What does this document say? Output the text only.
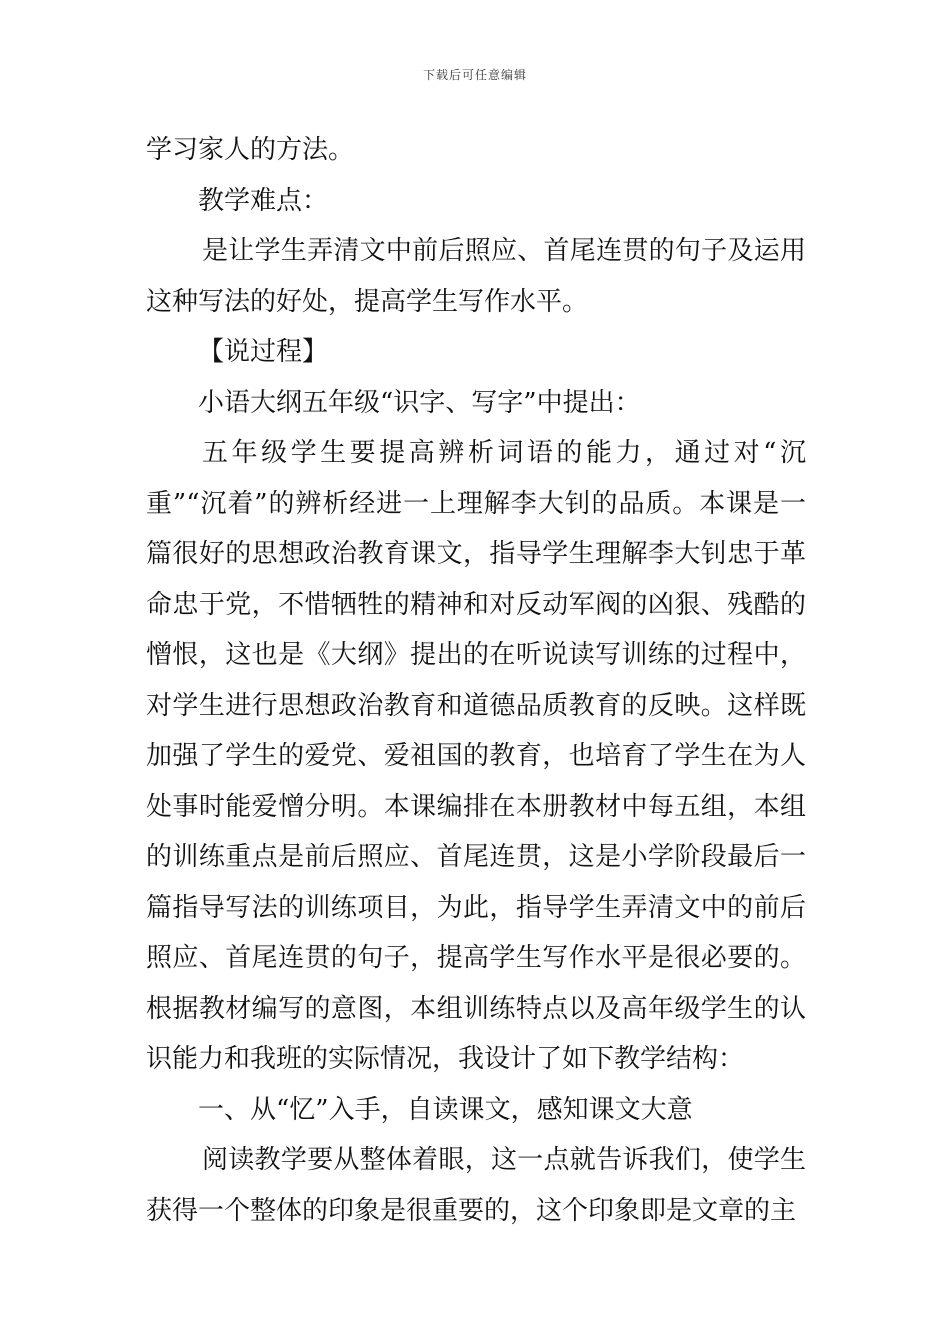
下载后可任意编辑

学习家人的方法。

教学难点：

是让学生弄清文中前后照应、首尾连贯的句子及运用这种写法的好处，提高学生写作水平。

【说过程】

小语大纲五年级“识字、写字”中提出：

五年级学生要提高辨析词语的能力，通过对“沉重”“沉着”的辨析经进一上理解李大钊的品质。本课是一篇很好的思想政治教育课文，指导学生理解李大钊忠于革命忠于党，不惜牺牲的精神和对反动军阀的凶狠、残酷的憎恨，这也是《大纲》提出的在听说读写训练的过程中，对学生进行思想政治教育和道德品质教育的反映。这样既加强了学生的爱党、爱祖国的教育，也培育了学生在为人处事时能爱憎分明。本课编排在本册教材中每五组，本组的训练重点是前后照应、首尾连贯，这是小学阶段最后一篇指导写法的训练项目，为此，指导学生弄清文中的前后照应、首尾连贯的句子，提高学生写作水平是很必要的。根据教材编写的意图，本组训练特点以及高年级学生的认识能力和我班的实际情况，我设计了如下教学结构：

一、从“忆”入手，自读课文，感知课文大意

阅读教学要从整体着眼，这一点就告诉我们，使学生获得一个整体的印象是很重要的，这个印象即是文章的主
